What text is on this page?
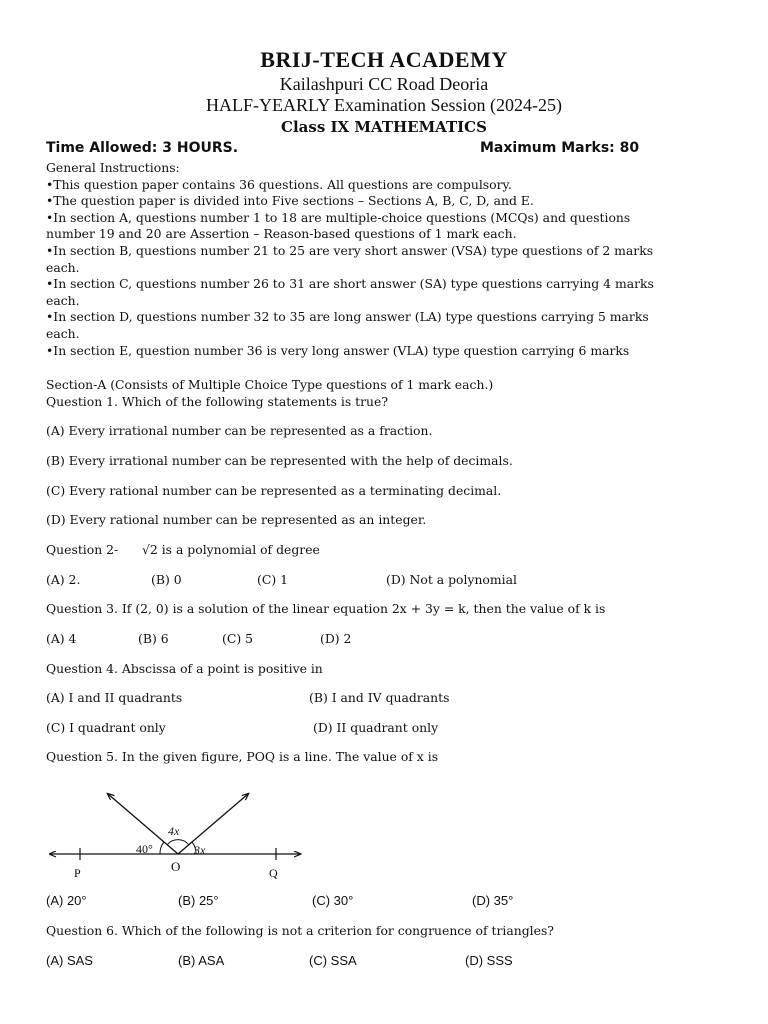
BRIJ-TECH ACADEMY
Kailashpuri CC Road Deoria
HALF-YEARLY Examination Session (2024-25)
Class IX MATHEMATICS
Time Allowed: 3 HOURS.	Maximum Marks: 80
General Instructions:
•This question paper contains 36 questions. All questions are compulsory.
•The question paper is divided into Five sections – Sections A, B, C, D, and E.
•In section A, questions number 1 to 18 are multiple-choice questions (MCQs) and questions
number 19 and 20 are Assertion – Reason-based questions of 1 mark each.
•In section B, questions number 21 to 25 are very short answer (VSA) type questions of 2 marks
each.
•In section C, questions number 26 to 31 are short answer (SA) type questions carrying 4 marks
each.
•In section D, questions number 32 to 35 are long answer (LA) type questions carrying 5 marks
each.
•In section E, question number 36 is very long answer (VLA) type question carrying 6 marks
Section-A (Consists of Multiple Choice Type questions of 1 mark each.)
Question 1. Which of the following statements is true?
(A) Every irrational number can be represented as a fraction.
(B) Every irrational number can be represented with the help of decimals.
(C) Every rational number can be represented as a terminating decimal.
(D) Every rational number can be represented as an integer.
Question 2- √2 is a polynomial of degree
(A) 2.	(B) 0	(C) 1	(D) Not a polynomial
Question 3. If (2, 0) is a solution of the linear equation 2x + 3y = k, then the value of k is
(A) 4	(B) 6	(C) 5	(D) 2
Question 4. Abscissa of a point is positive in
(A) I and II quadrants	(B) I and IV quadrants
(C) I quadrant only	(D) II quadrant only
Question 5. In the given figure, POQ is a line. The value of x is
40°
4x
3x
P	O	Q
(A) 20°	(B) 25°	(C) 30°	(D) 35°
Question 6. Which of the following is not a criterion for congruence of triangles?
(A) SAS	(B) ASA	(C) SSA	(D) SSS
